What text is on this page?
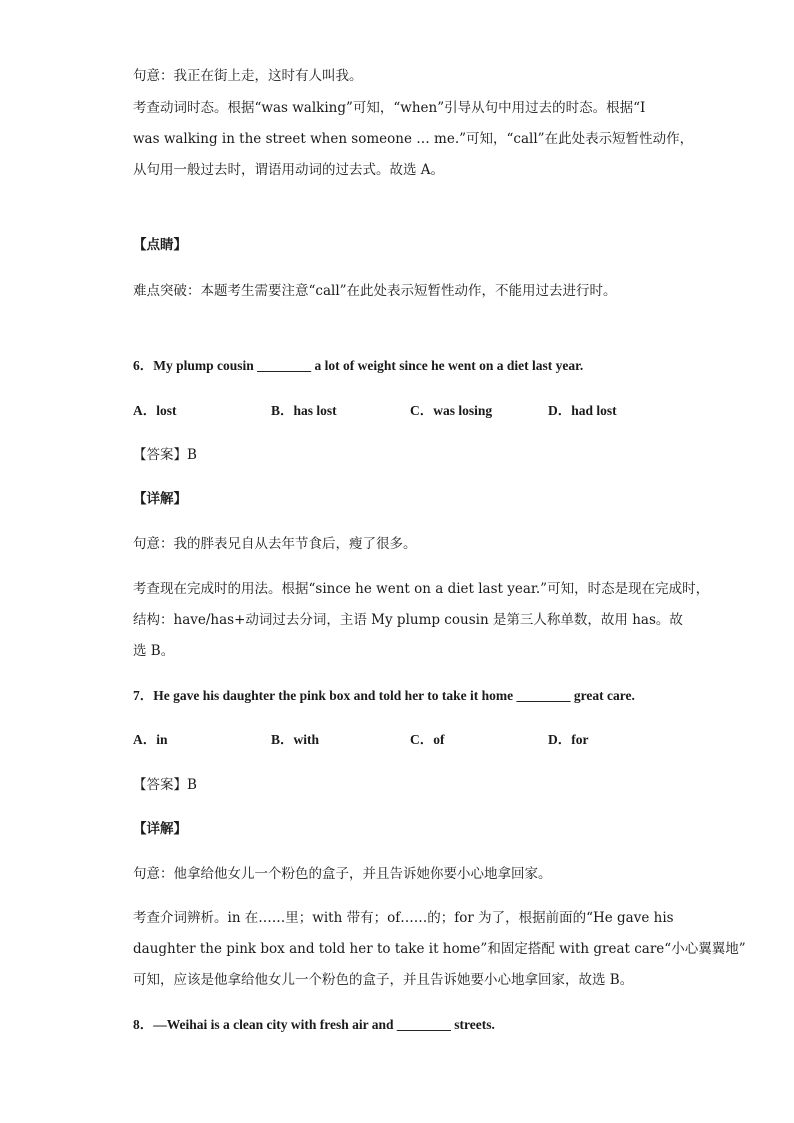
句意：我正在街上走，这时有人叫我。
考查动词时态。根据“was walking”可知，“when”引导从句中用过去的时态。根据“I
was walking in the street when someone … me.”可知，“call”在此处表示短暂性动作，
从句用一般过去时，谓语用动词的过去式。故选 A。
【点睛】
难点突破：本题考生需要注意“call”在此处表示短暂性动作，不能用过去进行时。
6．My plump cousin ________ a lot of weight since he went on a diet last year.
A．lost	B．has lost	C．was losing	D．had lost
【答案】B
【详解】
句意：我的胖表兄自从去年节食后，瘦了很多。
考查现在完成时的用法。根据“since he went on a diet last year.”可知，时态是现在完成时，
结构：have/has+动词过去分词，主语 My plump cousin 是第三人称单数，故用 has。故
选 B。
7．He gave his daughter the pink box and told her to take it home ________ great care.
A．in	B．with	C．of	D．for
【答案】B
【详解】
句意：他拿给他女儿一个粉色的盒子，并且告诉她你要小心地拿回家。
考查介词辨析。in 在……里；with 带有；of……的；for 为了，根据前面的“He gave his
daughter the pink box and told her to take it home”和固定搭配 with great care“小心翼翼地”
可知，应该是他拿给他女儿一个粉色的盒子，并且告诉她要小心地拿回家，故选 B。
8．—Weihai is a clean city with fresh air and ________ streets.
